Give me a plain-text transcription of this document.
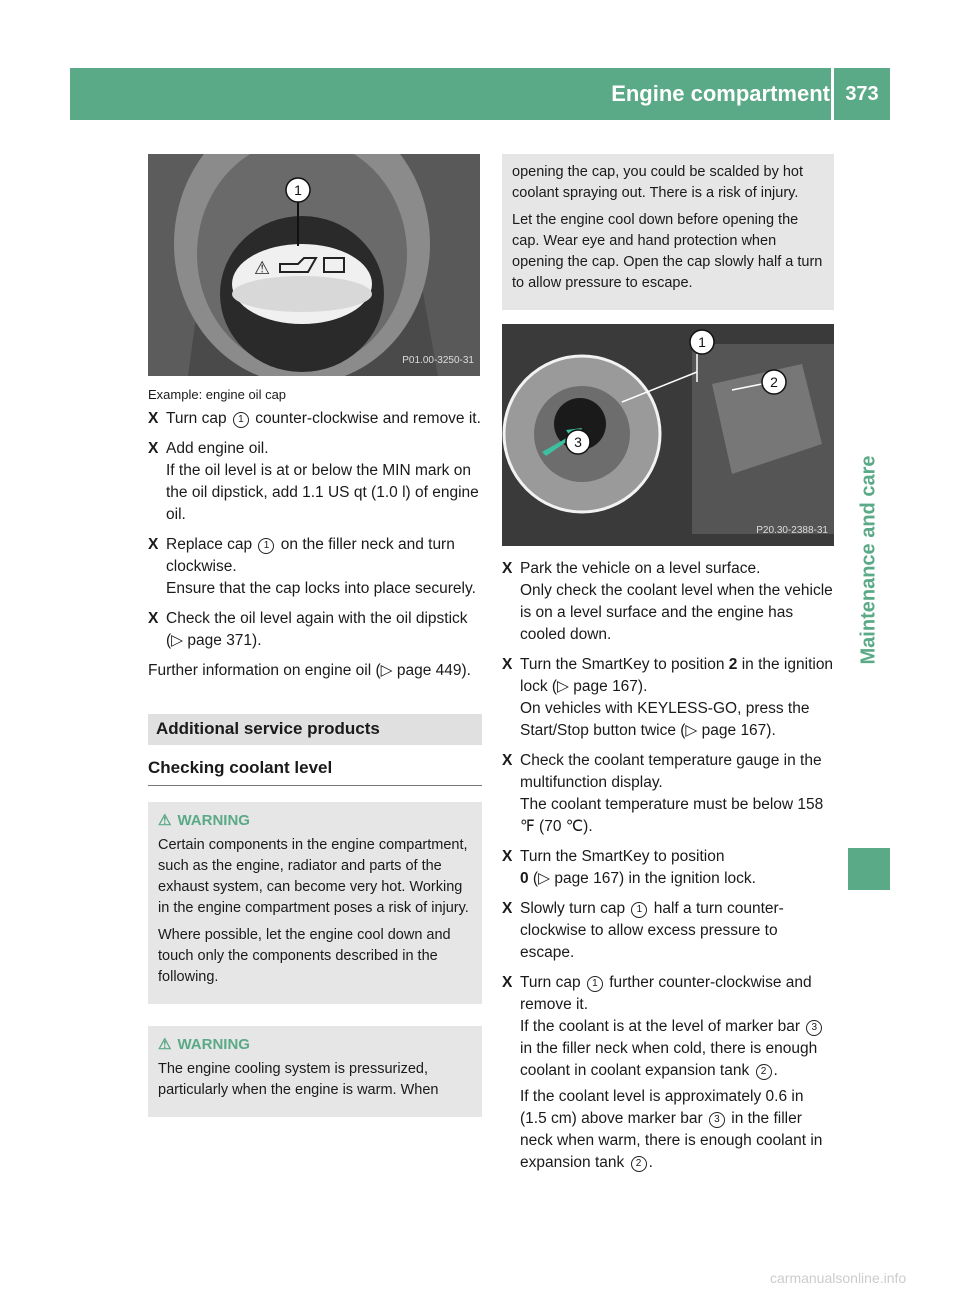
Engine compartment 373
Maintenance and care
1
⚠
P01.00-3250-31
Example: engine oil cap
X Turn cap 1 counter-clockwise and remove it.

X Add engine oil.

If the oil level is at or below the MIN mark on the oil dipstick, add 1.1 US qt (1.0 l) of engine oil.

X Replace cap 1 on the filler neck and turn clockwise.

Ensure that the cap locks into place securely.

X Check the oil level again with the oil dipstick (▷ page 371).

Further information on engine oil (▷ page 449).

Additional service products
Checking coolant level
⚠ WARNING

Certain components in the engine compartment, such as the engine, radiator and parts of the exhaust system, can become very hot. Working in the engine compartment poses a risk of injury.

Where possible, let the engine cool down and touch only the components described in the following.

⚠ WARNING

The engine cooling system is pressurized, particularly when the engine is warm. When

opening the cap, you could be scalded by hot coolant spraying out. There is a risk of injury.

Let the engine cool down before opening the cap. Wear eye and hand protection when opening the cap. Open the cap slowly half a turn to allow pressure to escape.

1
2
3
P20.30-2388-31
X Park the vehicle on a level surface.

Only check the coolant level when the vehicle is on a level surface and the engine has cooled down.

X Turn the SmartKey to position 2 in the ignition lock (▷ page 167).

On vehicles with KEYLESS-GO, press the Start/Stop button twice (▷ page 167).

X Check the coolant temperature gauge in the multifunction display.

The coolant temperature must be below 158 ℉ (70 ℃).

X Turn the SmartKey to position
0 (▷ page 167) in the ignition lock.

X Slowly turn cap 1 half a turn counter-clockwise to allow excess pressure to escape.

X Turn cap 1 further counter-clockwise and remove it.

If the coolant is at the level of marker bar 3 in the filler neck when cold, there is enough coolant in coolant expansion tank 2 .

If the coolant level is approximately 0.6 in (1.5 cm) above marker bar 3 in the filler neck when warm, there is enough coolant in expansion tank 2 .

carmanualsonline.info
